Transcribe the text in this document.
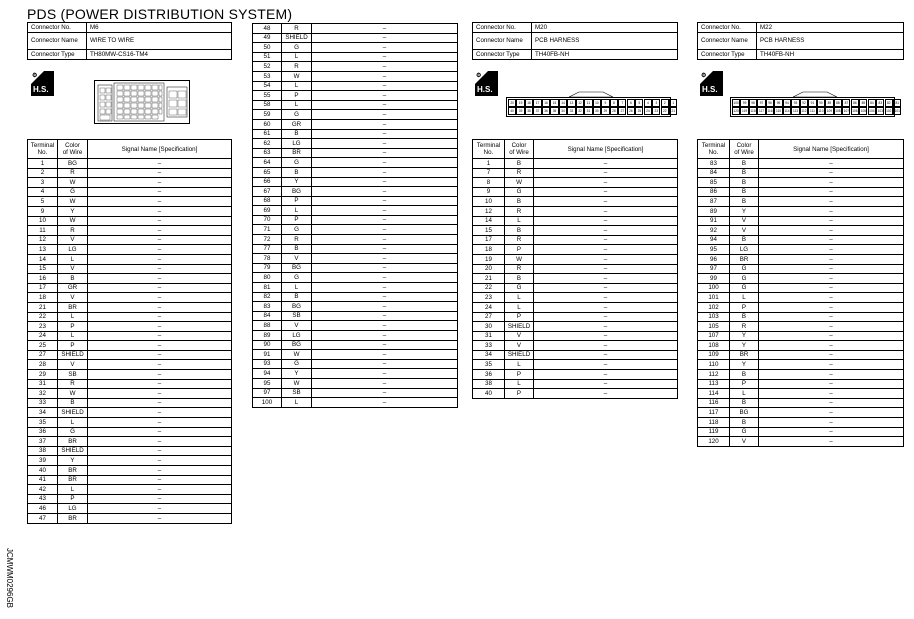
PDS (POWER DISTRIBUTION SYSTEM)
JCMWM0296GB
Connector No.	M6
Connector Name	WIRE TO WIRE
Connector Type	TH80MW-CS16-TM4
⚙
H.S.
Terminal
No.	Color
of Wire	Signal Name [Specification]
1	BG	–
2	R	–
3	W	–
4	G	–
5	W	–
9	Y	–
10	W	–
11	R	–
12	V	–
13	LG	–
14	L	–
15	V	–
16	B	–
17	GR	–
18	V	–
21	BR	–
22	L	–
23	P	–
24	L	–
25	P	–
27	SHIELD	–
28	V	–
29	SB	–
31	R	–
32	W	–
33	B	–
34	SHIELD	–
35	L	–
36	G	–
37	BR	–
38	SHIELD	–
39	Y	–
40	BR	–
41	BR	–
42	L	–
43	P	–
46	LG	–
47	BR	–
48	R	–
49	SHIELD	–
50	G	–
51	L	–
52	R	–
53	W	–
54	L	–
55	P	–
58	L	–
59	G	–
60	GR	–
61	B	–
62	LG	–
63	BR	–
64	G	–
65	B	–
66	Y	–
67	BG	–
68	P	–
69	L	–
70	P	–
71	G	–
72	R	–
77	B	–
78	V	–
79	BG	–
80	G	–
81	L	–
82	B	–
83	BG	–
84	SB	–
88	V	–
89	LG	–
90	BG	–
91	W	–
93	G	–
94	Y	–
95	W	–
97	SB	–
100	L	–
Connector No.	M20
Connector Name	PCB HARNESS
Connector Type	TH40FB-NH
⚙
H.S.
20	19	18	17	16	15	14	13	12	11	10	9	8	7	6	5	4	3	2	1
40	39	38	37	36	35	34	33	32	31	30	29	28	27	26	25	24	23	22	21
Terminal
No.	Color
of Wire	Signal Name [Specification]
1	B	–
7	R	–
8	W	–
9	G	–
10	B	–
12	R	–
14	L	–
15	B	–
17	R	–
18	P	–
19	W	–
20	R	–
21	B	–
22	G	–
23	L	–
24	L	–
27	P	–
30	SHIELD	–
31	V	–
33	V	–
34	SHIELD	–
35	L	–
36	P	–
38	L	–
40	P	–
Connector No.	M22
Connector Name	PCB HARNESS
Connector Type	TH40FB-NH
⚙
H.S.
100	99	98	97	96	95	94	93	92	91	90	89	88	87	86	85	84	83	82	81
120	119	118	117	116	115	114	113	112	111	110	109 108 107 106 105 104 103 102 101
Terminal
No.	Color
of Wire	Signal Name [Specification]
83	B	–
84	B	–
85	B	–
86	B	–
87	B	–
89	Y	–
91	V	–
92	V	–
94	B	–
95	LG	–
96	BR	–
97	G	–
99	G	–
100	G	–
101	L	–
102	P	–
103	B	–
105	R	–
107	Y	–
108	Y	–
109	BR	–
110	Y	–
112	B	–
113	P	–
114	L	–
116	B	–
117	BG	–
118	B	–
119	G	–
120	V	–
